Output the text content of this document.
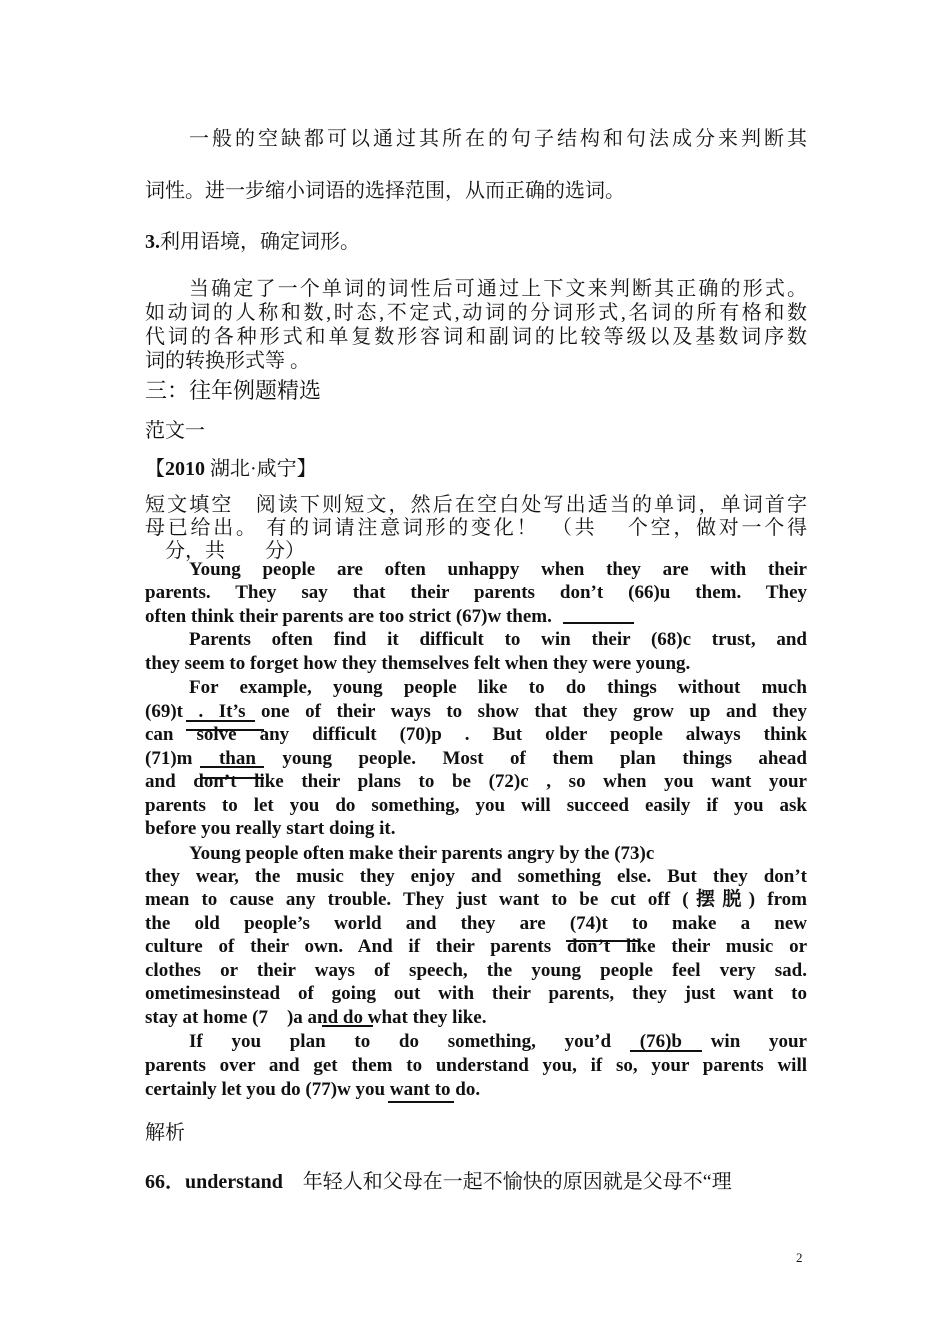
一般的空缺都可以通过其所在的句子结构和句法成分来判断其
词性。进一步缩小词语的选择范围，从而正确的选词。
3.利用语境，确定词形。
当确定了一个单词的词性后可通过上下文来判断其正确的形式。
如动词的人称和数,时态,不定式,动词的分词形式,名词的所有格和数
代词的各种形式和单复数形容词和副词的比较等级以及基数词序数
词的转换形式等 。
三：往年例题精选
范文一
【2010 湖北·咸宁】
短文填空　阅读下则短文，然后在空白处写出适当的单词，单词首字
母已给出。 有的词请注意词形的变化！　（共　 个空，做对一个得
　分，共　　分）
Young people are often unhappy when they are with their
parents. They say that their parents don’t (66)u them. They
often think their parents are too strict (67)w them.
Parents often find it difficult to win their (68)c trust, and
they seem to forget how they themselves felt when they were young.
For example, young people like to do things without much
(69)t . It’s one of their ways to show that they grow up and they
can solve any difficult (70)p . But older people always think
(71)m than young people. Most of them plan things ahead
and don’t like their plans to be (72)c , so when you want your
parents to let you do something, you will succeed easily if you ask
before you really start doing it.
Young people often make their parents angry by the (73)c
they wear, the music they enjoy and something else. But they don’t
mean to cause any trouble. They just want to be cut off (摆脱) from
the old people’s world and they are (74)t to make a new
culture of their own. And if their parents don’t like their music or
clothes or their ways of speech, the young people feel very sad.
ometimesinstead of going out with their parents, they just want to
stay at home (7　)a and do what they like.
If you plan to do something, you’d (76)b win your
parents over and get them to understand you, if so, your parents will
certainly let you do (77)w you want to do.
解析
66．understand　年轻人和父母在一起不愉快的原因就是父母不“理
2
